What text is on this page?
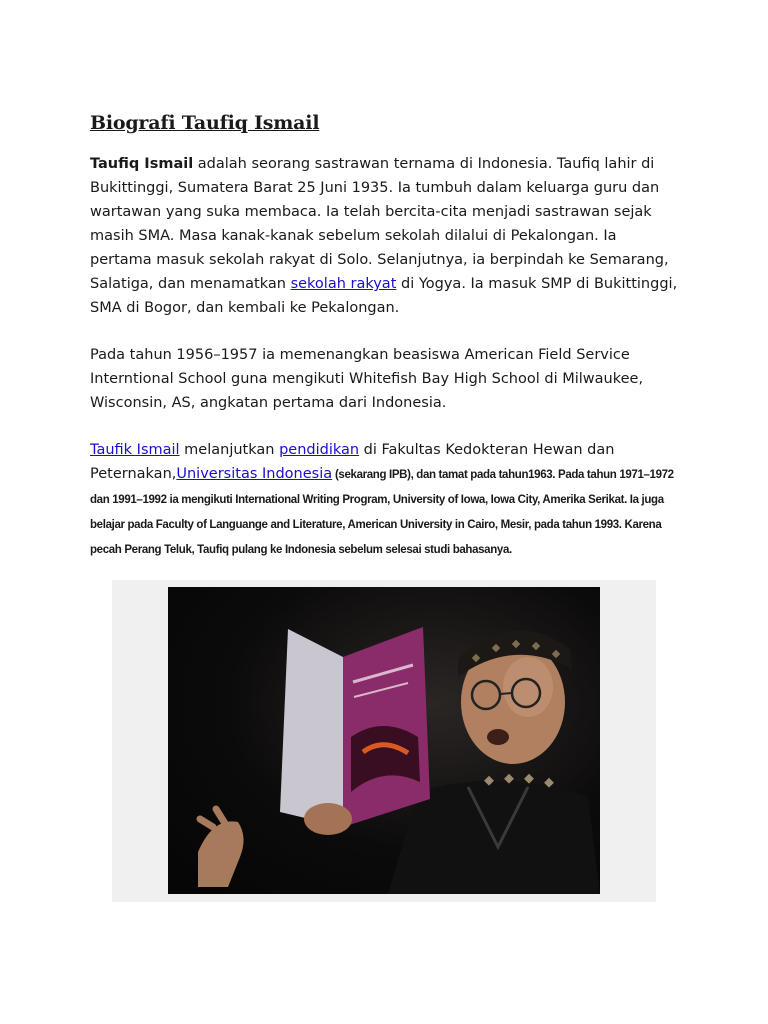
Biografi Taufiq Ismail

Taufiq Ismail adalah seorang sastrawan ternama di Indonesia. Taufiq lahir di Bukittinggi, Sumatera Barat 25 Juni 1935. Ia tumbuh dalam keluarga guru dan wartawan yang suka membaca. Ia telah bercita-cita menjadi sastrawan sejak masih SMA. Masa kanak-kanak sebelum sekolah dilalui di Pekalongan. Ia pertama masuk sekolah rakyat di Solo. Selanjutnya, ia berpindah ke Semarang, Salatiga, dan menamatkan sekolah rakyat di Yogya. Ia masuk SMP di Bukittinggi, SMA di Bogor, dan kembali ke Pekalongan.

Pada tahun 1956–1957 ia memenangkan beasiswa American Field Service Interntional School guna mengikuti Whitefish Bay High School di Milwaukee, Wisconsin, AS, angkatan pertama dari Indonesia.

Taufik Ismail melanjutkan pendidikan di Fakultas Kedokteran Hewan dan Peternakan,Universitas Indonesia (sekarang IPB), dan tamat pada tahun1963. Pada tahun 1971–1972 dan 1991–1992 ia mengikuti International Writing Program, University of Iowa, Iowa City, Amerika Serikat. Ia juga belajar pada Faculty of Languange and Literature, American University in Cairo, Mesir, pada tahun 1993. Karena pecah Perang Teluk, Taufiq pulang ke Indonesia sebelum selesai studi bahasanya.
